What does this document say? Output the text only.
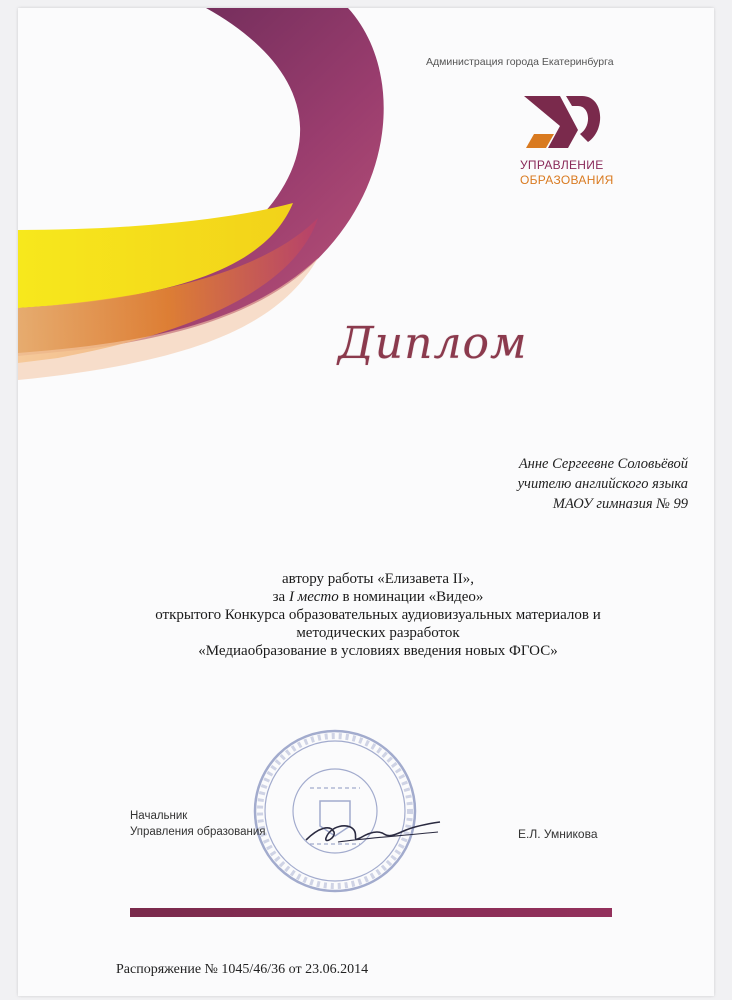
Администрация города Екатеринбурга
УПРАВЛЕНИЕ
ОБРАЗОВАНИЯ
Диплом
Анне Сергеевне Соловьёвой
учителю английского языка
МАОУ гимназия № 99
автору работы «Елизавета II»,
за I место в номинации «Видео»
открытого Конкурса образовательных аудиовизуальных материалов и
методических разработок
«Медиаобразование в условиях введения новых ФГОС»
Начальник
Управления образования	Е.Л. Умникова
Распоряжение № 1045/46/36 от 23.06.2014
